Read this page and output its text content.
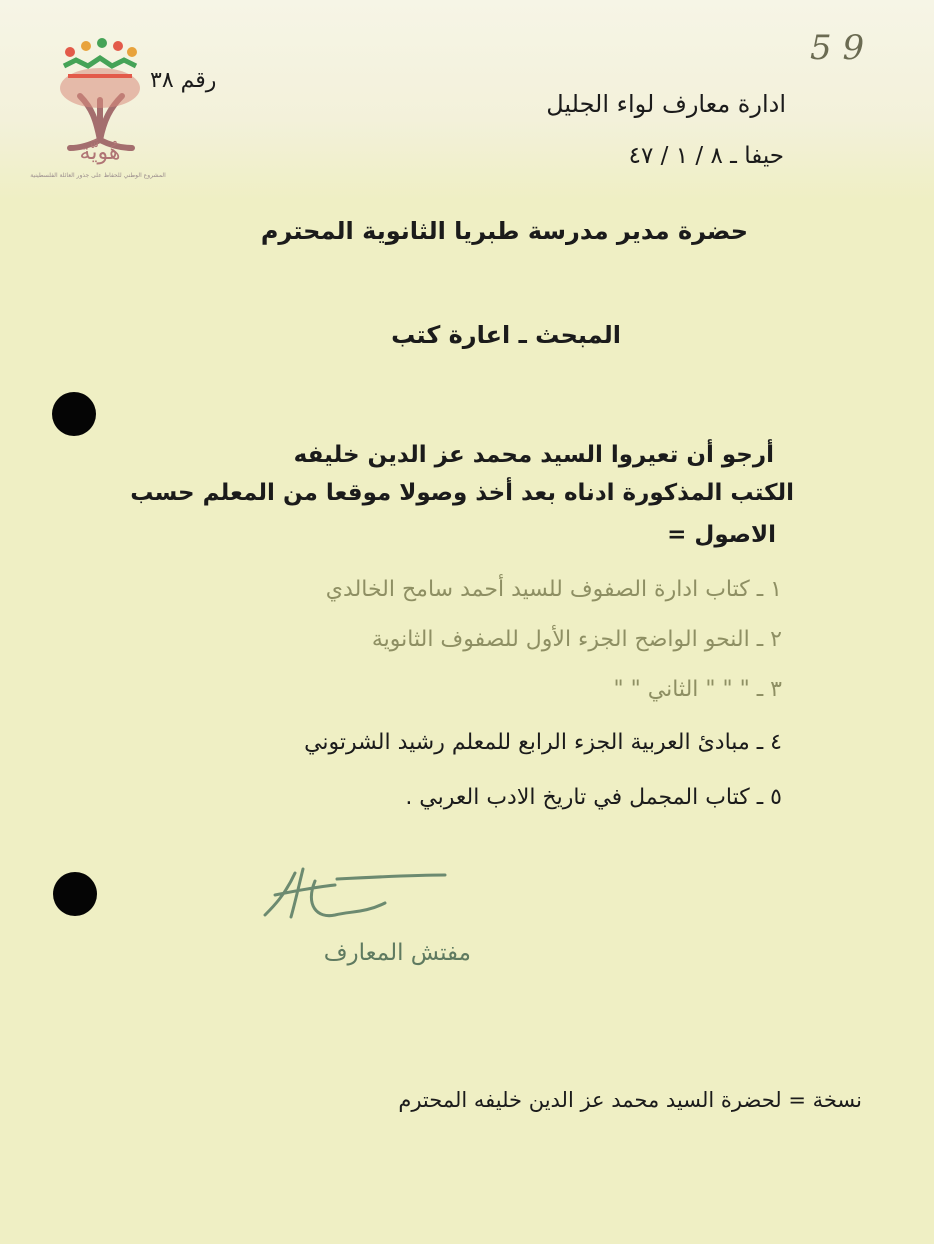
هُويَّة
المشروع الوطني للحفاظ على جذور العائلة الفلسطينية
5 9
رقم ٣٨
ادارة معارف لواء الجليل
حيفا ـ ٨ / ١ / ٤٧
حضرة مدير مدرسة طبريا الثانوية المحترم
المبحث ـ اعارة كتب
أرجو أن تعيروا السيد محمد عز الدين خليفه
الكتب المذكورة ادناه بعد أخذ وصولا موقعا من المعلم حسب
الاصول =
١ ـ كتاب ادارة الصفوف للسيد أحمد سامح الخالدي
٢ ـ النحو الواضح الجزء الأول للصفوف الثانوية
٣ ـ " " " الثاني " "
٤ ـ مبادئ العربية الجزء الرابع للمعلم رشيد الشرتوني
٥ ـ كتاب المجمل في تاريخ الادب العربي .
مفتش المعارف
نسخة = لحضرة السيد محمد عز الدين خليفه المحترم
